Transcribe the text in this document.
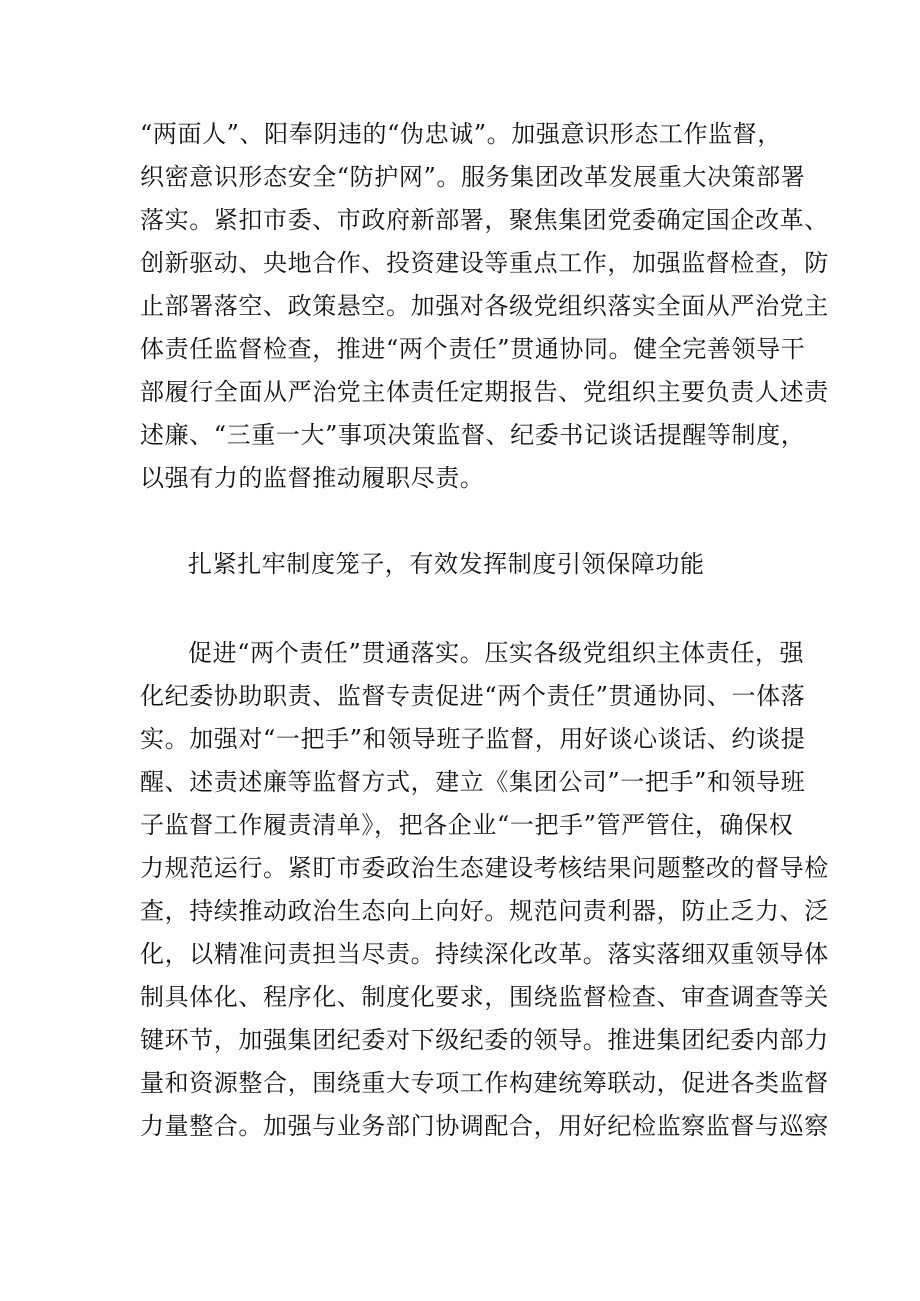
“两面人”、阳奉阴违的“伪忠诚”。加强意识形态工作监督，
织密意识形态安全“防护网”。服务集团改革发展重大决策部署
落实。紧扣市委、市政府新部署，聚焦集团党委确定国企改革、
创新驱动、央地合作、投资建设等重点工作，加强监督检查，防
止部署落空、政策悬空。加强对各级党组织落实全面从严治党主
体责任监督检查，推进“两个责任”贯通协同。健全完善领导干
部履行全面从严治党主体责任定期报告、党组织主要负责人述责
述廉、“三重一大”事项决策监督、纪委书记谈话提醒等制度，
以强有力的监督推动履职尽责。
扎紧扎牢制度笼子，有效发挥制度引领保障功能
促进“两个责任”贯通落实。压实各级党组织主体责任，强
化纪委协助职责、监督专责促进“两个责任”贯通协同、一体落
实。加强对“一把手”和领导班子监督，用好谈心谈话、约谈提
醒、述责述廉等监督方式，建立《集团公司”一把手”和领导班
子监督工作履责清单》，把各企业“一把手”管严管住，确保权
力规范运行。紧盯市委政治生态建设考核结果问题整改的督导检
查，持续推动政治生态向上向好。规范问责利器，防止乏力、泛
化，以精准问责担当尽责。持续深化改革。落实落细双重领导体
制具体化、程序化、制度化要求，围绕监督检查、审查调查等关
键环节，加强集团纪委对下级纪委的领导。推进集团纪委内部力
量和资源整合，围绕重大专项工作构建统筹联动，促进各类监督
力量整合。加强与业务部门协调配合，用好纪检监察监督与巡察
